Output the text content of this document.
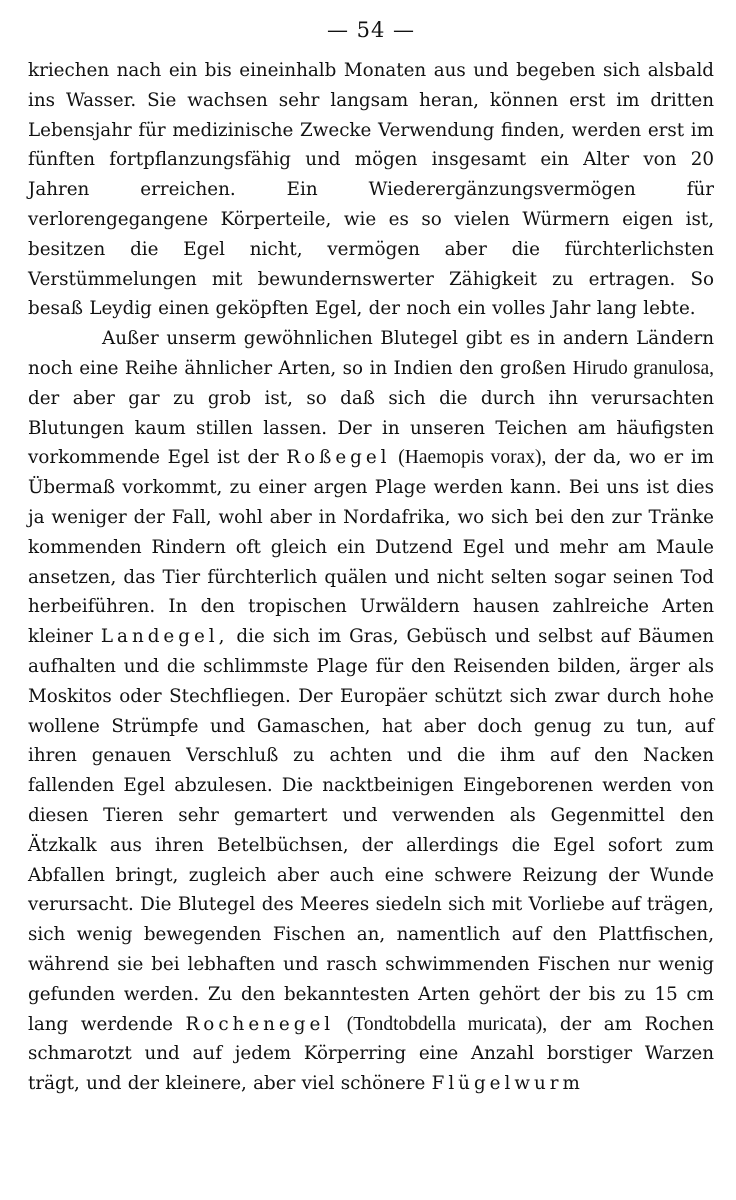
— 54 —

kriechen nach ein bis eineinhalb Monaten aus und begeben sich alsbald ins Wasser. Sie wachsen sehr langsam heran, können erst im dritten Lebensjahr für medizinische Zwecke Verwendung finden, werden erst im fünften fortpflanzungsfähig und mögen insgesamt ein Alter von 20 Jahren erreichen. Ein Wiederergänzungsvermögen für verlorengegangene Körperteile, wie es so vielen Würmern eigen ist, besitzen die Egel nicht, vermögen aber die fürchterlichsten Verstümmelungen mit bewundernswerter Zähigkeit zu ertragen. So besaß Leydig einen geköpften Egel, der noch ein volles Jahr lang lebte.

Außer unserm gewöhnlichen Blutegel gibt es in andern Ländern noch eine Reihe ähnlicher Arten, so in Indien den großen Hirudo granulosa, der aber gar zu grob ist, so daß sich die durch ihn verursachten Blutungen kaum stillen lassen. Der in unseren Teichen am häufigsten vorkommende Egel ist der Roßegel (Haemopis vorax), der da, wo er im Übermaß vorkommt, zu einer argen Plage werden kann. Bei uns ist dies ja weniger der Fall, wohl aber in Nordafrika, wo sich bei den zur Tränke kommenden Rindern oft gleich ein Dutzend Egel und mehr am Maule ansetzen, das Tier fürchterlich quälen und nicht selten sogar seinen Tod herbeiführen. In den tropischen Urwäldern hausen zahlreiche Arten kleiner Landegel, die sich im Gras, Gebüsch und selbst auf Bäumen aufhalten und die schlimmste Plage für den Reisenden bilden, ärger als Moskitos oder Stechfliegen. Der Europäer schützt sich zwar durch hohe wollene Strümpfe und Gamaschen, hat aber doch genug zu tun, auf ihren genauen Verschluß zu achten und die ihm auf den Nacken fallenden Egel abzulesen. Die nacktbeinigen Eingeborenen werden von diesen Tieren sehr gemartert und verwenden als Gegenmittel den Ätzkalk aus ihren Betelbüchsen, der allerdings die Egel sofort zum Abfallen bringt, zugleich aber auch eine schwere Reizung der Wunde verursacht. Die Blutegel des Meeres siedeln sich mit Vorliebe auf trägen, sich wenig bewegenden Fischen an, namentlich auf den Plattfischen, während sie bei lebhaften und rasch schwimmenden Fischen nur wenig gefunden werden. Zu den bekanntesten Arten gehört der bis zu 15 cm lang werdende Rochenegel (Tondtobdella muricata), der am Rochen schmarotzt und auf jedem Körperring eine Anzahl borstiger Warzen trägt, und der kleinere, aber viel schönere Flügelwurm
